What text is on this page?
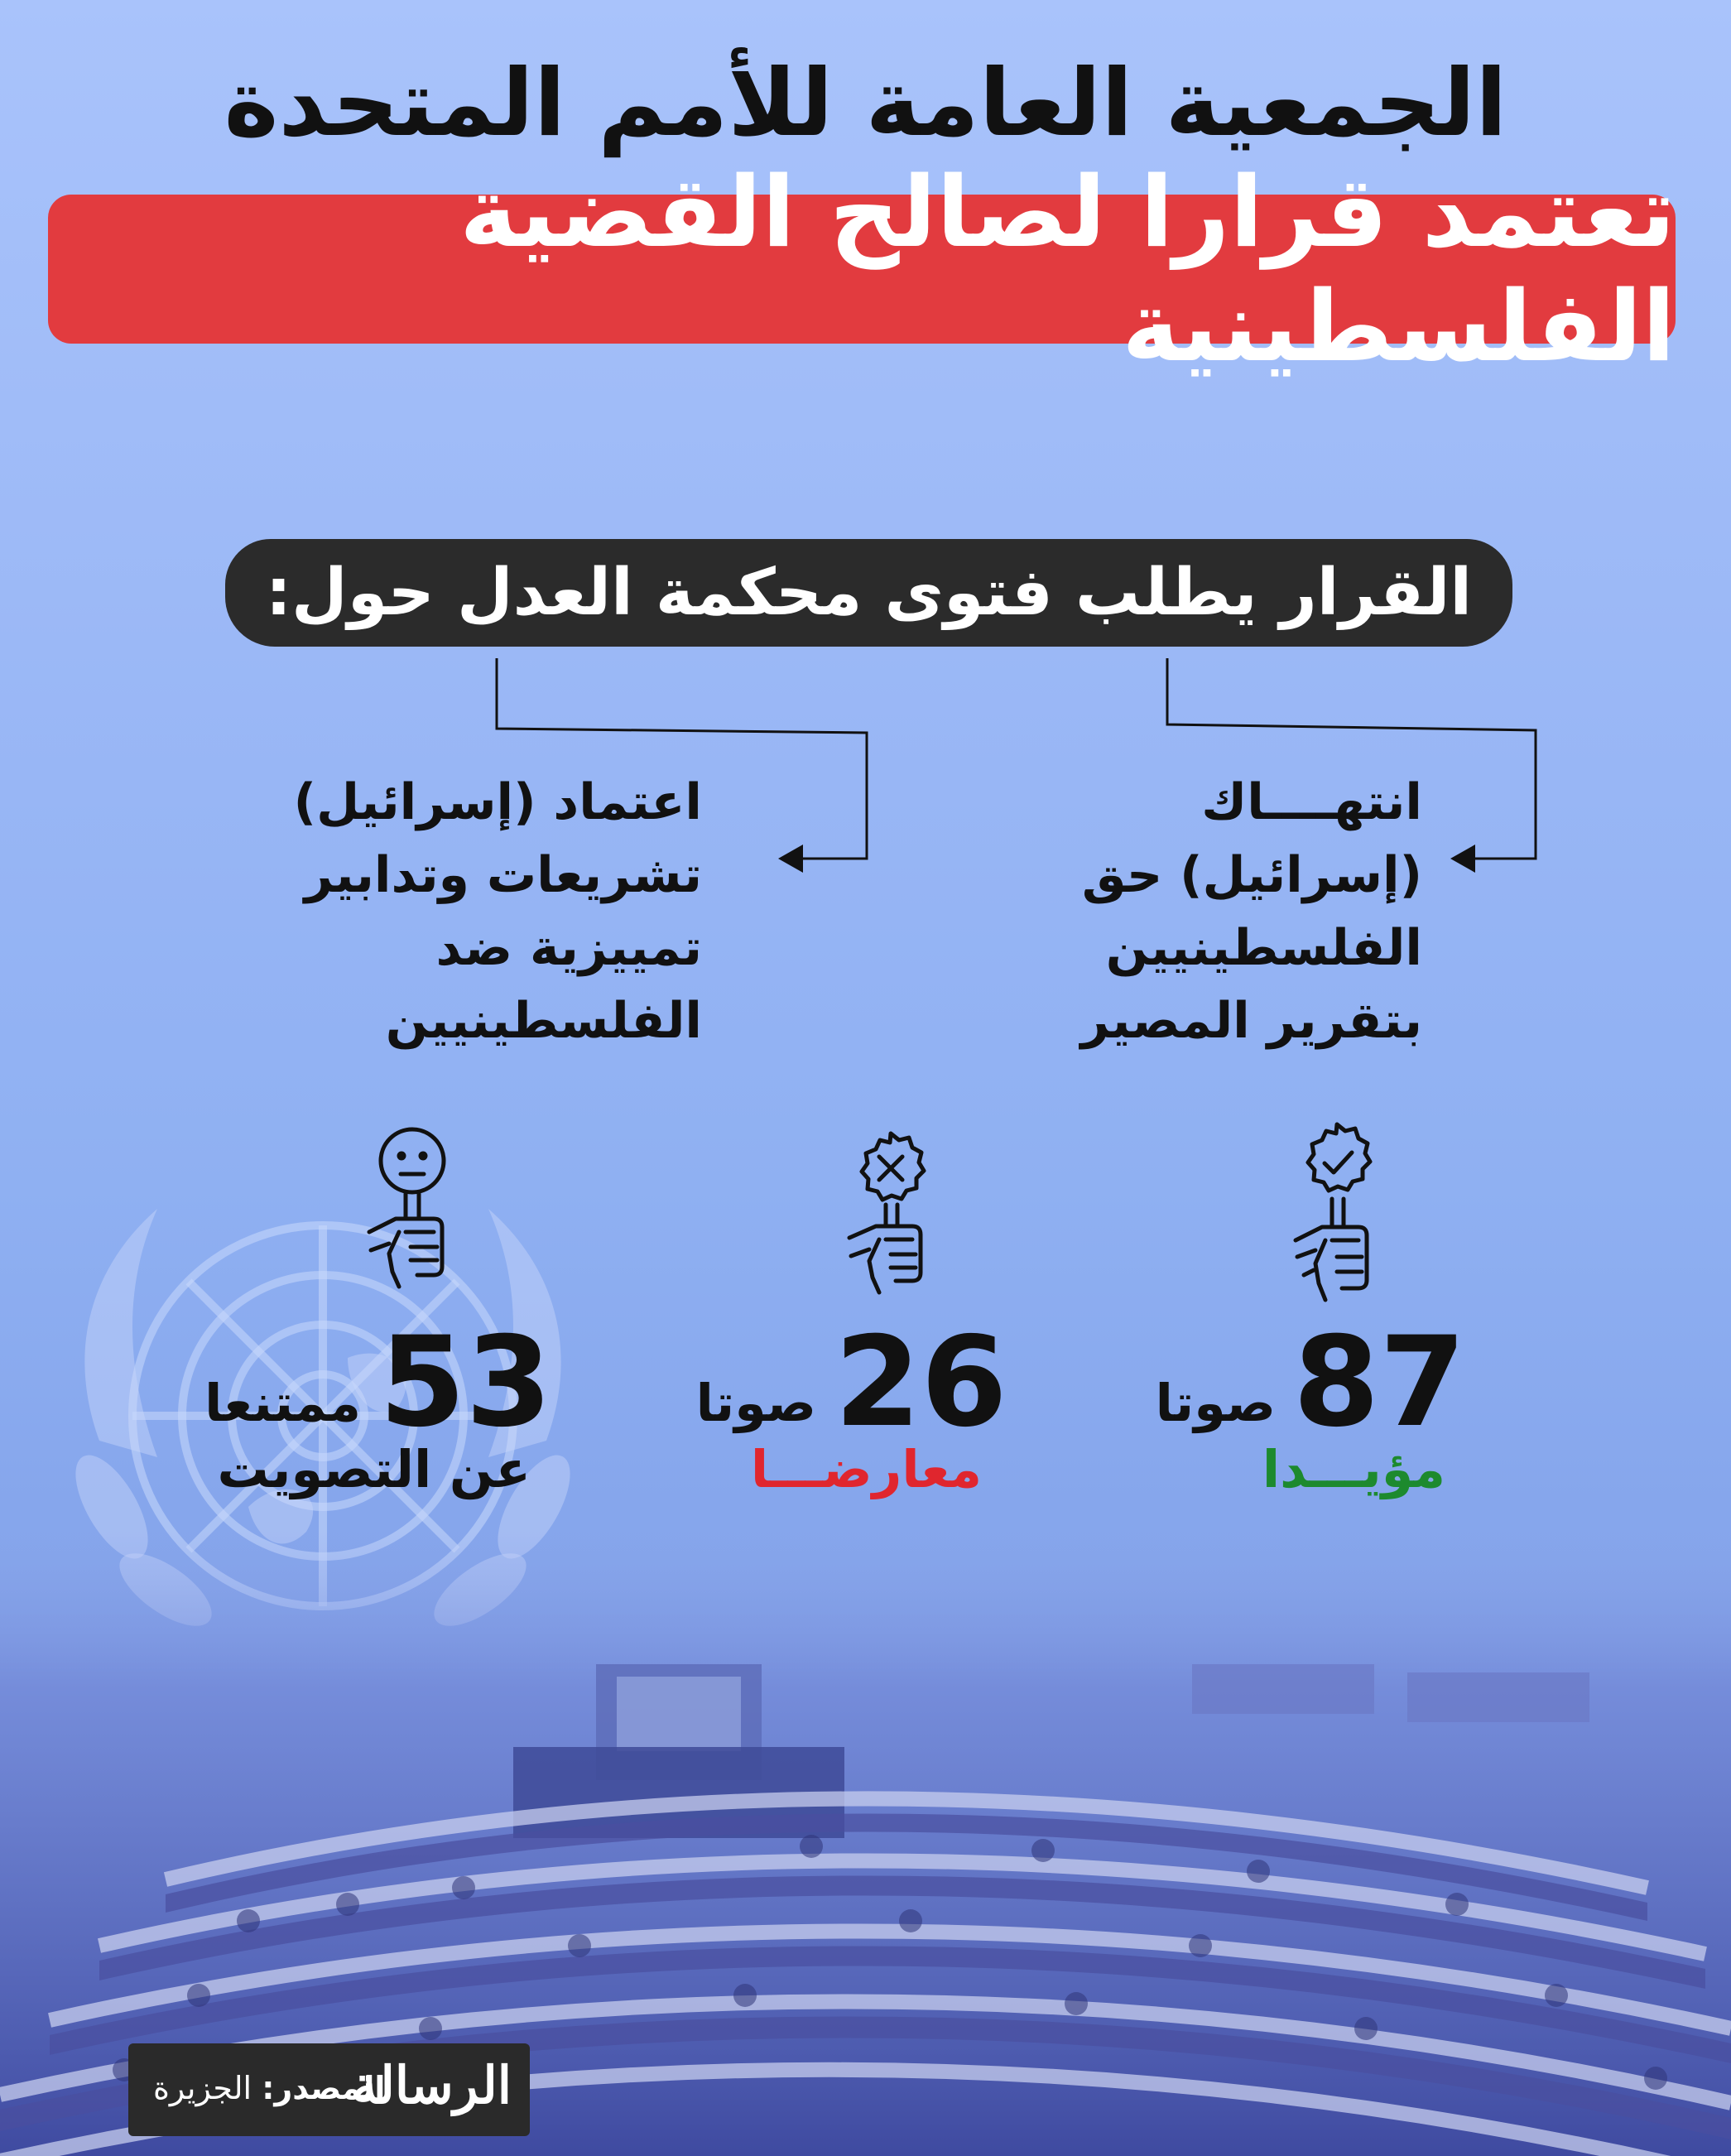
الجمعية العامة للأمم المتحدة
تعتمد قرارا لصالح القضية الفلسطينية
القرار يطلب فتوى محكمة العدل حول:
انتهــــاك
(إسرائيل) حق
الفلسطينيين
بتقرير المصير
اعتماد (إسرائيل)
تشريعات وتدابير
تمييزية ضد
الفلسطينيين
87
صوتا
مؤيـــدا
26
صوتا
معارضـــا
53
ممتنعا
عن التصويت
الرسالة
المصدر: الجزيرة
